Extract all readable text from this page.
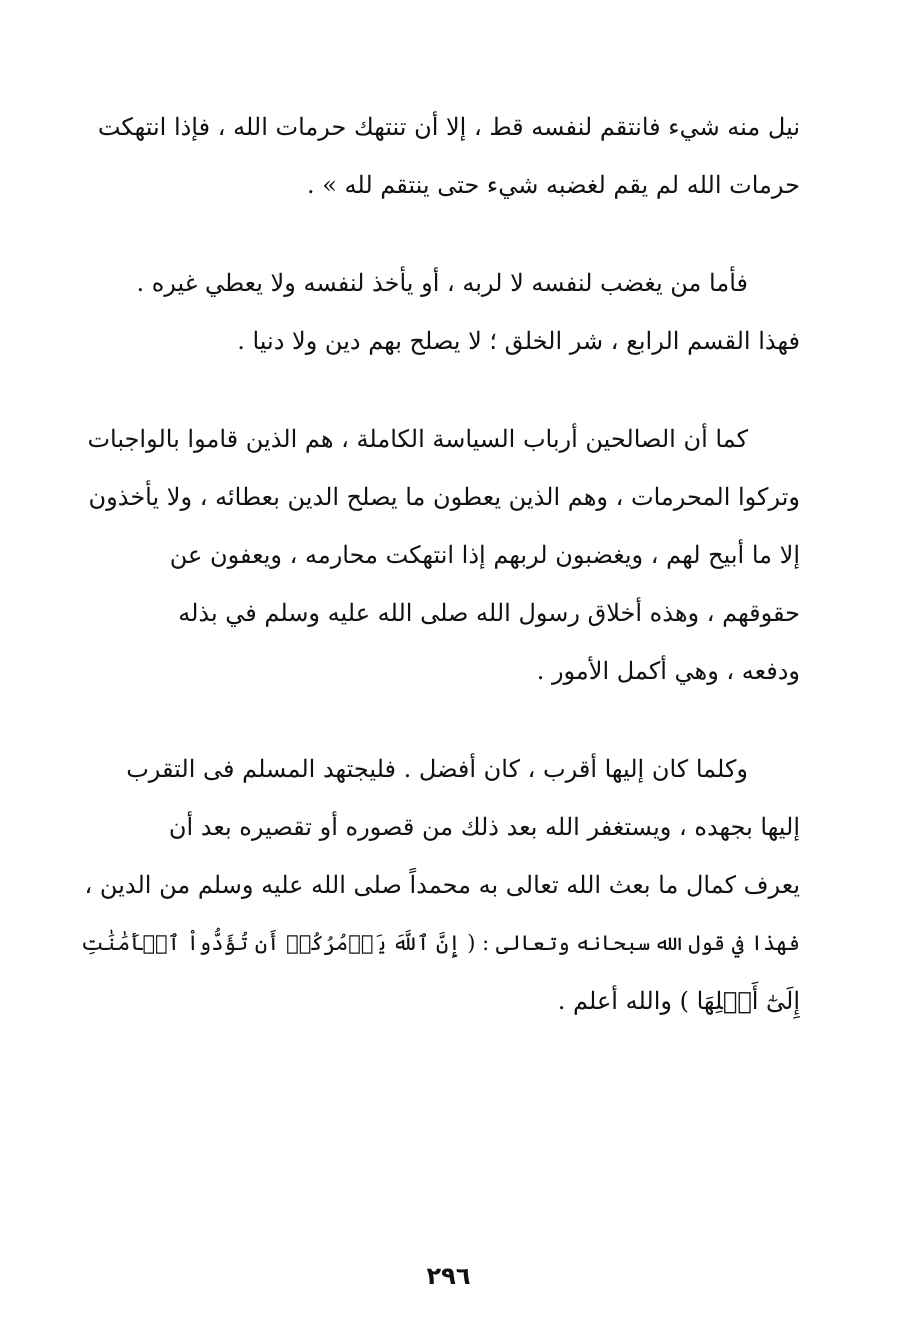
نيل منه شيء فانتقم لنفسه قط ، إلا أن تنتهك حرمات الله ، فإذا انتهكت
حرمات الله لم يقم لغضبه شيء حتى ينتقم لله » .

فأما من يغضب لنفسه لا لربه ، أو يأخذ لنفسه ولا يعطي غيره .
فهذا القسم الرابع ، شر الخلق ؛ لا يصلح بهم دين ولا دنيا .

كما أن الصالحين أرباب السياسة الكاملة ، هم الذين قاموا بالواجبات
وتركوا المحرمات ، وهم الذين يعطون ما يصلح الدين بعطائه ، ولا يأخذون
إلا ما أبيح لهم ، ويغضبون لربهم إذا انتهكت محارمه ، ويعفون عن
حقوقهم ، وهذه أخلاق رسول الله صلى الله عليه وسلم في بذله
ودفعه ، وهي أكمل الأمور .

وكلما كان إليها أقرب ، كان أفضل . فليجتهد المسلم فى التقرب
إليها بجهده ، ويستغفر الله بعد ذلك من قصوره أو تقصيره بعد أن
يعرف كمال ما بعث الله تعالى به محمداً صلى الله عليه وسلم من الدين ،
فهذا في قول الله سبحانه وتعالى : ( إِنَّ ٱللَّهَ يَأۡمُرُكُمۡ أَن تُؤَدُّواْ ٱلۡأَمَٰنَٰتِ
إِلَىٰٓ أَهۡلِهَا ) والله أعلم .

٢٩٦
